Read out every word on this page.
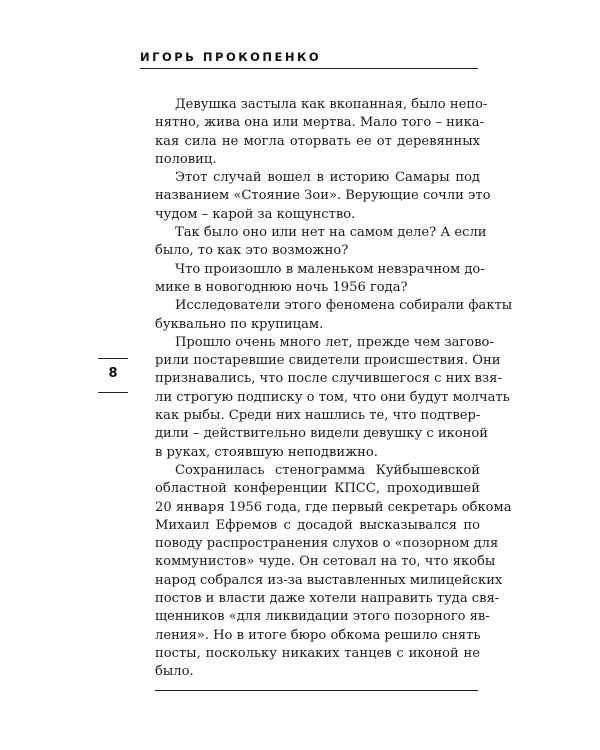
ИГОРЬ ПРОКОПЕНКО
8
Девушка застыла как вкопанная, было непо-
нятно, жива она или мертва. Мало того – ника-
кая сила не могла оторвать ее от деревянных
половиц.
Этот случай вошел в историю Самары под
названием «Стояние Зои». Верующие сочли это
чудом – карой за кощунство.
Так было оно или нет на самом деле? А если
было, то как это возможно?
Что произошло в маленьком невзрачном до-
мике в новогоднюю ночь 1956 года?
Исследователи этого феномена собирали факты
буквально по крупицам.
Прошло очень много лет, прежде чем загово-
рили постаревшие свидетели происшествия. Они
признавались, что после случившегося с них взя-
ли строгую подписку о том, что они будут молчать
как рыбы. Среди них нашлись те, что подтвер-
дили – действительно видели девушку с иконой
в руках, стоявшую неподвижно.
Сохранилась стенограмма Куйбышевской
областной конференции КПСС, проходившей
20 января 1956 года, где первый секретарь обкома
Михаил Ефремов с досадой высказывался по
поводу распространения слухов о «позорном для
коммунистов» чуде. Он сетовал на то, что якобы
народ собрался из-за выставленных милицейских
постов и власти даже хотели направить туда свя-
щенников «для ликвидации этого позорного яв-
ления». Но в итоге бюро обкома решило снять
посты, поскольку никаких танцев с иконой не
было.
